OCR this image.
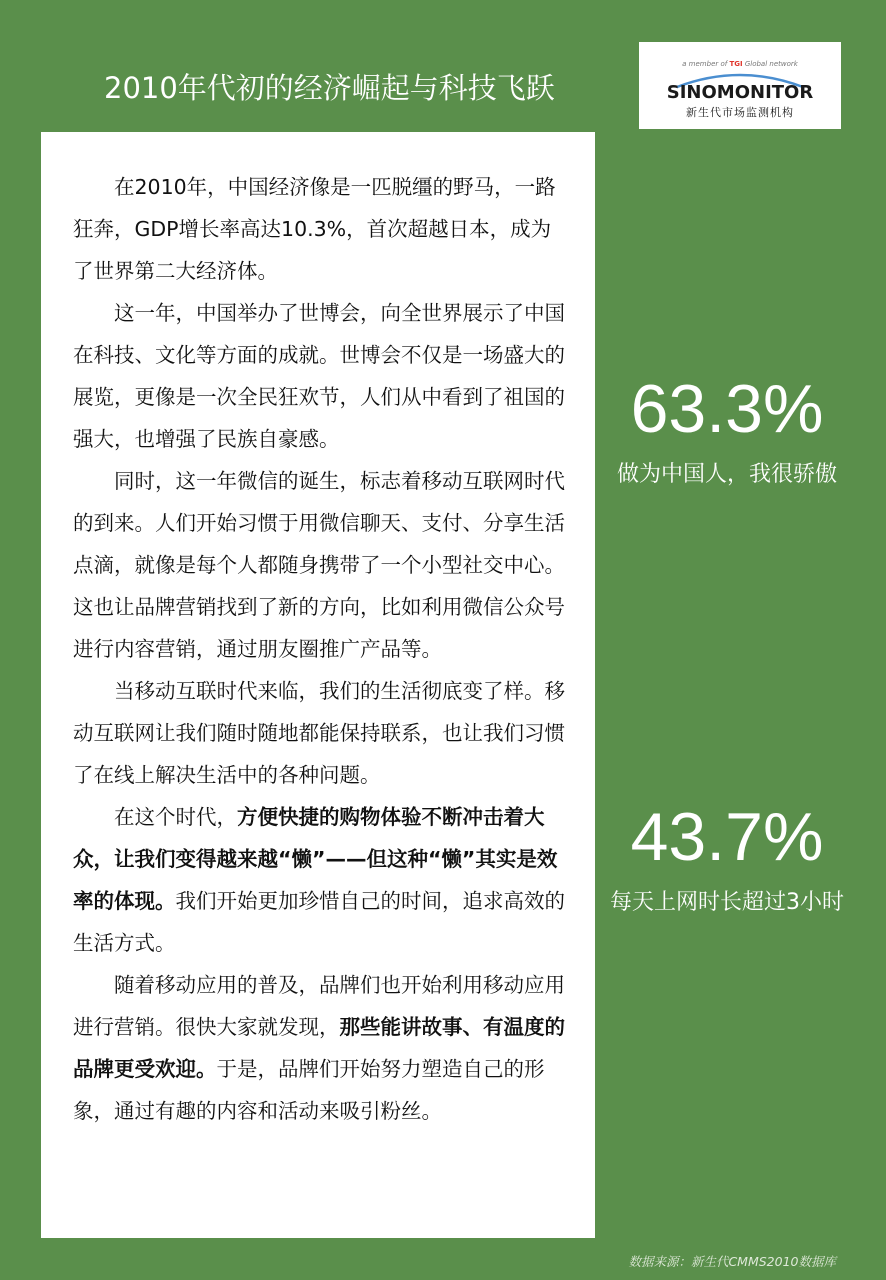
2010年代初的经济崛起与科技飞跃
a member of TGI Global network
SINOMONITOR
新生代市场监测机构

在2010年，中国经济像是一匹脱缰的野马，一路狂奔，GDP增长率高达10.3%，首次超越日本，成为了世界第二大经济体。

这一年，中国举办了世博会，向全世界展示了中国在科技、文化等方面的成就。世博会不仅是一场盛大的展览，更像是一次全民狂欢节，人们从中看到了祖国的强大，也增强了民族自豪感。

同时，这一年微信的诞生，标志着移动互联网时代的到来。人们开始习惯于用微信聊天、支付、分享生活点滴，就像是每个人都随身携带了一个小型社交中心。这也让品牌营销找到了新的方向，比如利用微信公众号进行内容营销，通过朋友圈推广产品等。

当移动互联时代来临，我们的生活彻底变了样。移动互联网让我们随时随地都能保持联系，也让我们习惯了在线上解决生活中的各种问题。

在这个时代，方便快捷的购物体验不断冲击着大众，让我们变得越来越“懒”——但这种“懒”其实是效率的体现。我们开始更加珍惜自己的时间，追求高效的生活方式。

随着移动应用的普及，品牌们也开始利用移动应用进行营销。很快大家就发现，那些能讲故事、有温度的品牌更受欢迎。于是，品牌们开始努力塑造自己的形象，通过有趣的内容和活动来吸引粉丝。

63.3%
做为中国人，我很骄傲
43.7%
每天上网时长超过3小时
数据来源：新生代CMMS2010数据库
